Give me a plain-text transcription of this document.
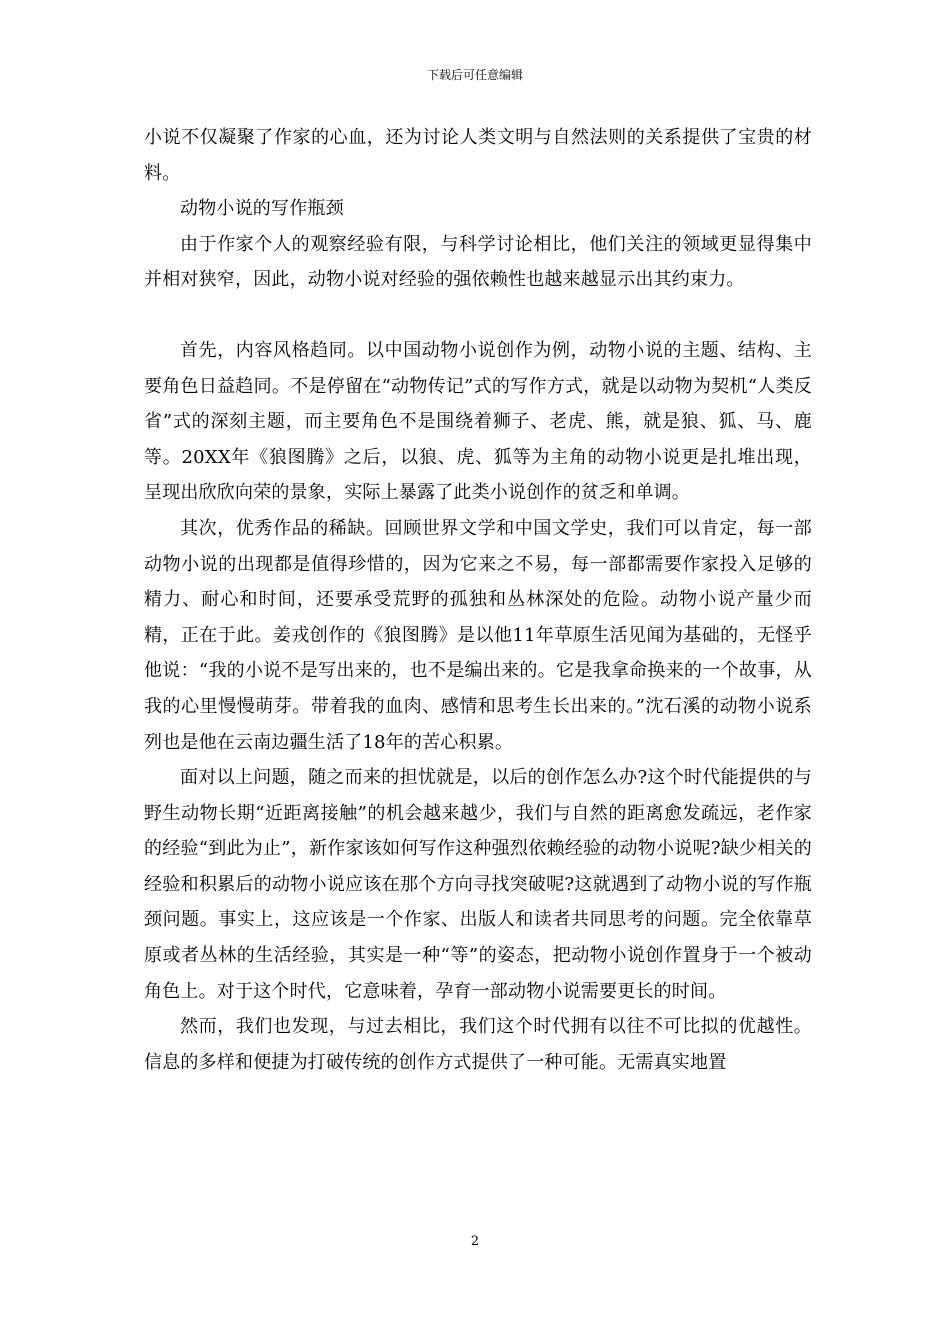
下载后可任意编辑

小说不仅凝聚了作家的心血，还为讨论人类文明与自然法则的关系提供了宝贵的材料。

动物小说的写作瓶颈

由于作家个人的观察经验有限，与科学讨论相比，他们关注的领域更显得集中并相对狭窄，因此，动物小说对经验的强依赖性也越来越显示出其约束力。

首先，内容风格趋同。以中国动物小说创作为例，动物小说的主题、结构、主要角色日益趋同。不是停留在“动物传记”式的写作方式，就是以动物为契机“人类反省”式的深刻主题，而主要角色不是围绕着狮子、老虎、熊，就是狼、狐、马、鹿等。20XX年《狼图腾》之后，以狼、虎、狐等为主角的动物小说更是扎堆出现，呈现出欣欣向荣的景象，实际上暴露了此类小说创作的贫乏和单调。

其次，优秀作品的稀缺。回顾世界文学和中国文学史，我们可以肯定，每一部动物小说的出现都是值得珍惜的，因为它来之不易，每一部都需要作家投入足够的精力、耐心和时间，还要承受荒野的孤独和丛林深处的危险。动物小说产量少而精，正在于此。姜戎创作的《狼图腾》是以他11年草原生活见闻为基础的，无怪乎他说：“我的小说不是写出来的，也不是编出来的。它是我拿命换来的一个故事，从我的心里慢慢萌芽。带着我的血肉、感情和思考生长出来的。”沈石溪的动物小说系列也是他在云南边疆生活了18年的苦心积累。

面对以上问题，随之而来的担忧就是，以后的创作怎么办?这个时代能提供的与野生动物长期“近距离接触”的机会越来越少，我们与自然的距离愈发疏远，老作家的经验“到此为止”，新作家该如何写作这种强烈依赖经验的动物小说呢?缺少相关的经验和积累后的动物小说应该在那个方向寻找突破呢?这就遇到了动物小说的写作瓶颈问题。事实上，这应该是一个作家、出版人和读者共同思考的问题。完全依靠草原或者丛林的生活经验，其实是一种“等”的姿态，把动物小说创作置身于一个被动角色上。对于这个时代，它意味着，孕育一部动物小说需要更长的时间。

然而，我们也发现，与过去相比，我们这个时代拥有以往不可比拟的优越性。信息的多样和便捷为打破传统的创作方式提供了一种可能。无需真实地置

2
